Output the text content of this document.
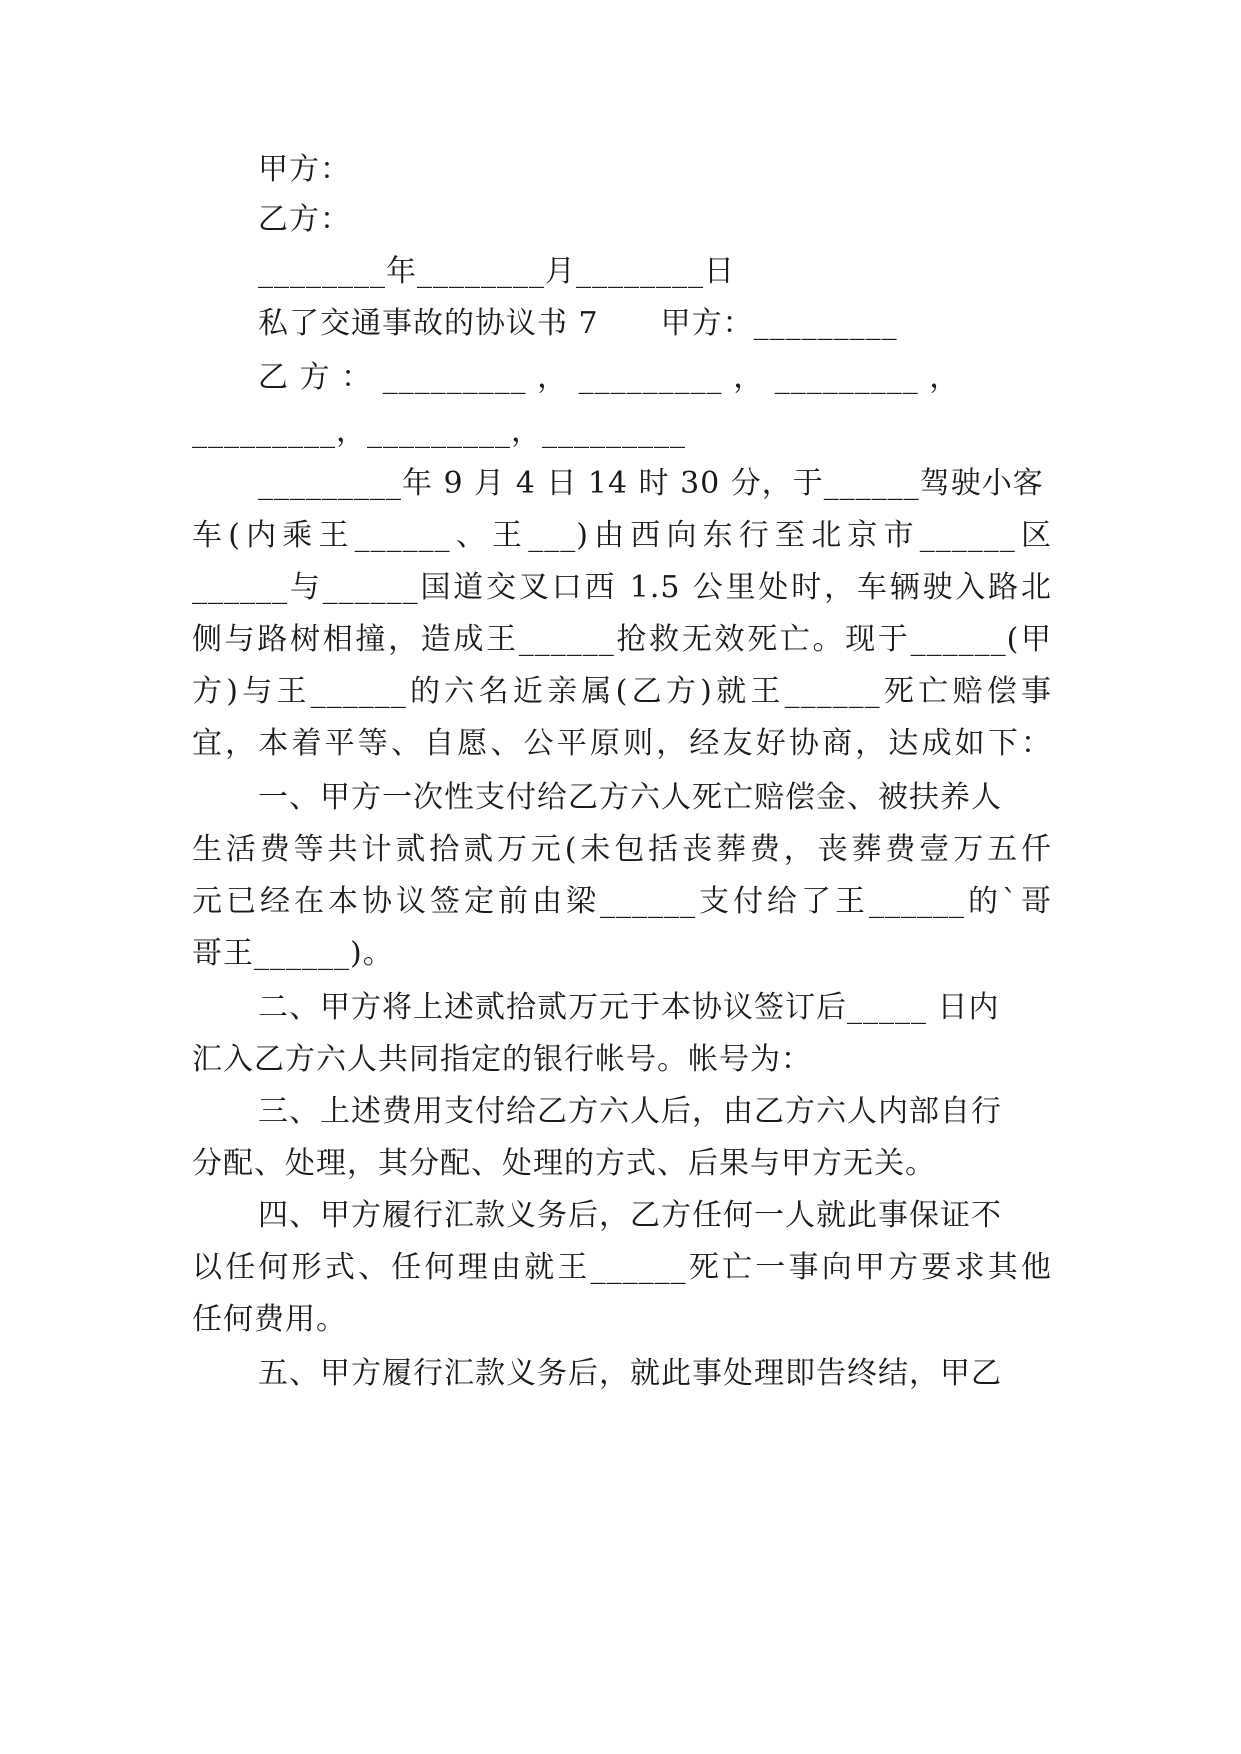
甲方：
乙方：
________年________月________日
私了交通事故的协议书 7　　甲方：_________
乙 方 ： _________ ， _________ ， _________ ，
_________，_________，_________
_________年 9 月 4 日 14 时 30 分，于______驾驶小客
车(内乘王______、王___)由西向东行至北京市______区
______与______国道交叉口西 1.5 公里处时，车辆驶入路北
侧与路树相撞，造成王______抢救无效死亡。现于______(甲
方)与王______的六名近亲属(乙方)就王______死亡赔偿事
宜，本着平等、自愿、公平原则，经友好协商，达成如下：
一、甲方一次性支付给乙方六人死亡赔偿金、被扶养人
生活费等共计贰拾贰万元(未包括丧葬费，丧葬费壹万五仟
元已经在本协议签定前由梁______支付给了王______的`哥
哥王______)。
二、甲方将上述贰拾贰万元于本协议签订后_____ 日内
汇入乙方六人共同指定的银行帐号。帐号为：
三、上述费用支付给乙方六人后，由乙方六人内部自行
分配、处理，其分配、处理的方式、后果与甲方无关。
四、甲方履行汇款义务后，乙方任何一人就此事保证不
以任何形式、任何理由就王______死亡一事向甲方要求其他
任何费用。
五、甲方履行汇款义务后，就此事处理即告终结，甲乙
